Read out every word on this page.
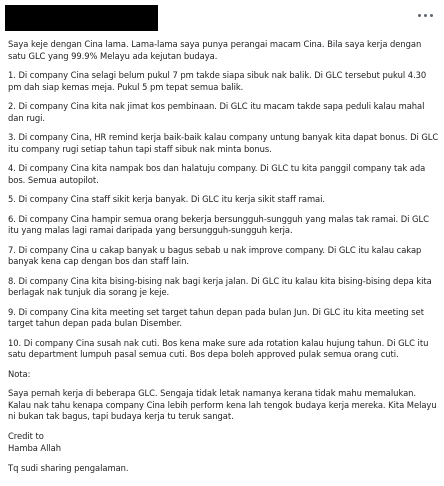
Saya keje dengan Cina lama. Lama-lama saya punya perangai macam Cina. Bila saya kerja dengan satu GLC yang 99.9% Melayu ada kejutan budaya.

1. Di company Cina selagi belum pukul 7 pm takde siapa sibuk nak balik. Di GLC tersebut pukul 4.30 pm dah siap kemas meja. Pukul 5 pm tepat semua balik.

2. Di company Cina kita nak jimat kos pembinaan. Di GLC itu macam takde sapa peduli kalau mahal dan rugi.

3. Di company Cina, HR remind kerja baik-baik kalau company untung banyak kita dapat bonus. Di GLC itu company rugi setiap tahun tapi staff sibuk nak minta bonus.

4. Di company Cina kita nampak bos dan halatuju company. Di GLC tu kita panggil company tak ada bos. Semua autopilot.

5. Di company Cina staff sikit kerja banyak. Di GLC itu kerja sikit staff ramai.

6. Di company Cina hampir semua orang bekerja bersungguh-sungguh yang malas tak ramai. Di GLC itu yang malas lagi ramai daripada yang bersungguh-sungguh kerja.

7. Di company Cina u cakap banyak u bagus sebab u nak improve company. Di GLC itu kalau cakap banyak kena cap dengan bos dan staff lain.

8. Di company Cina kita bising-bising nak bagi kerja jalan. Di GLC itu kalau kita bising-bising depa kita berlagak nak tunjuk dia sorang je keje.

9. Di company Cina kita meeting set target tahun depan pada bulan Jun. Di GLC itu kita meeting set target tahun depan pada bulan Disember.

10. Di company Cina susah nak cuti. Bos kena make sure ada rotation kalau hujung tahun. Di GLC itu satu department lumpuh pasal semua cuti. Bos depa boleh approved pulak semua orang cuti.

Nota:

Saya pernah kerja di beberapa GLC. Sengaja tidak letak namanya kerana tidak mahu memalukan. Kalau nak tahu kenapa company Cina lebih perform kena lah tengok budaya kerja mereka. Kita Melayu ni bukan tak bagus, tapi budaya kerja tu teruk sangat.

Credit to

Hamba Allah

Tq sudi sharing pengalaman.
